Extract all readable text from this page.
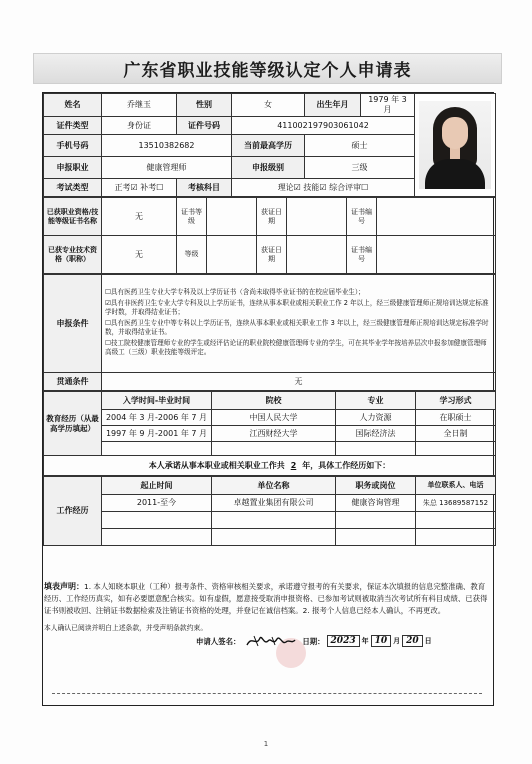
广东省职业技能等级认定个人申请表
姓名	乔继玉	性别	女	出生年月	1979 年 3 月	

证件类型	身份证	证件号码	411002197903061042			
手机号码	13510382682		当前最高学历	硕士		
申报职业	健康管理师		申报级别	三级		
考试类型	正考☑ 补考☐	考核科目	理论☑ 技能☑ 综合评审☐			
已获职业资格/技能等级证书名称	无	证书等级		获证日期		证书编号	
已获专业技术资格（职称）	无	等级		获证日期		证书编号	
申报条件	☐具有医药卫生专业大学专科及以上学历证书（含尚未取得毕业证书的在校应届毕业生）；
☑具有非医药卫生专业大学专科及以上学历证书，连续从事本职业或相关职业工作 2 年以上，经三级健康管理师正规培训达规定标准学时数，并取得结业证书；
☐具有医药卫生专业中等专科以上学历证书，连续从事本职业或相关职业工作 3 年以上，经三级健康管理师正规培训达规定标准学时数，并取得结业证书。
☐技工院校健康管理师专业的学生或经评估论证的职业院校健康管理师专业的学生，可在其毕业学年按培养层次申报参加健康管理师高级工（三级）职业技能等级评定。

贯通条件	无
教育经历（从最高学历填起）	入学时间-毕业时间	院校	专业	学习形式
	2004 年 3 月-2006 年 7 月	中国人民大学	人力资源	在职硕士
	1997 年 9 月-2001 年 7 月	江西财经大学	国际经济法	全日制

本人承诺从事本职业或相关职业工作共 2 年，具体工作经历如下：				
工作经历	起止时间	单位名称	职务或岗位	单位联系人、电话
	2011-至今	卓越置业集团有限公司	健康咨询管理	朱总 13689587152

填表声明：1. 本人知晓本职业（工种）报考条件、资格审核相关要求，承诺遵守报考的有关要求，保证本次填报的信息完整准确、教育经历、工作经历真实，如有必要愿意配合核实。如有虚假，愿意接受取消申报资格、已参加考试则被取消当次考试所有科目成绩、已获得证书则被收回、注销证书数据检索及注销证书资格的处理，并登记在诚信档案。2. 报考个人信息已经本人确认，不再更改。
本人确认已阅读并明白上述条款，并受声明条款约束。
申请人签名：	日期： 2023 年 10 月 20 日
1
